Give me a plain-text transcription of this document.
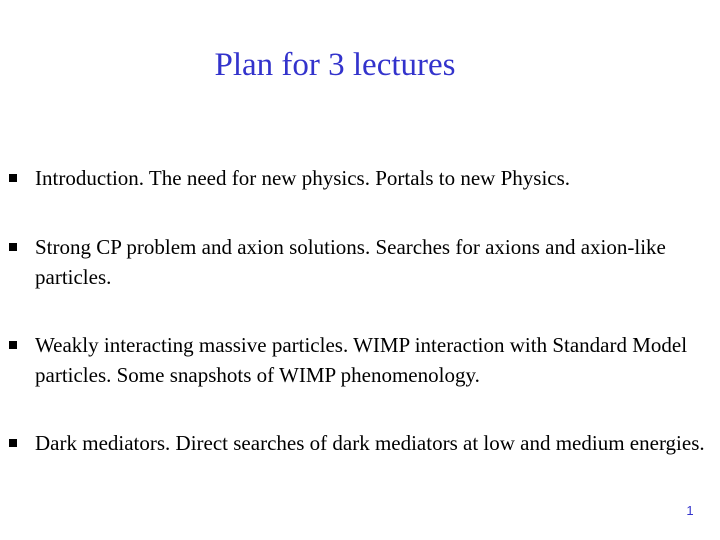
Plan for 3 lectures

Introduction. The need for new physics. Portals to new Physics.

Strong CP problem and axion solutions. Searches for axions and axion-like particles.

Weakly interacting massive particles. WIMP interaction with Standard Model particles. Some snapshots of WIMP phenomenology.

Dark mediators. Direct searches of dark mediators at low and medium energies.

1
